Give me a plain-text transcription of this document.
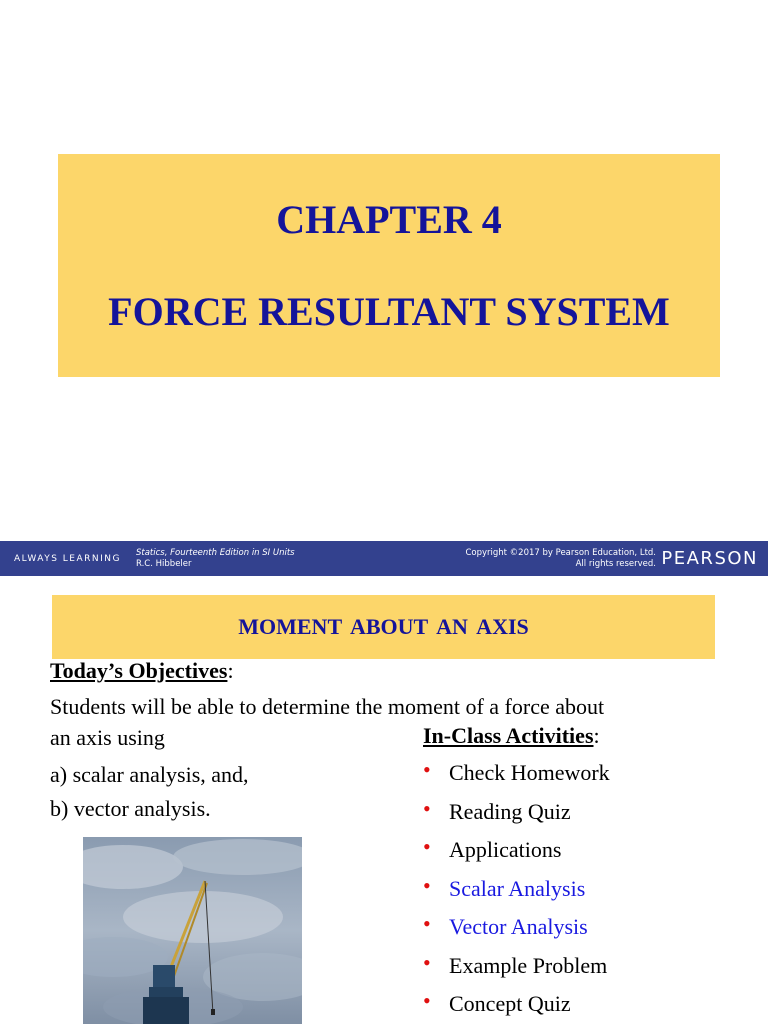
CHAPTER 4
FORCE RESULTANT SYSTEM
ALWAYS LEARNING
Statics, Fourteenth Edition in SI Units
R.C. Hibbeler
Copyright ©2017 by Pearson Education, Ltd.
All rights reserved. PEARSON
MOMENT ABOUT AN AXIS
Today’s Objectives:
Students will be able to determine the moment of a force about
an axis using
a) scalar analysis, and,
b) vector analysis.
In-Class Activities:
• Check Homework
• Reading Quiz
• Applications
• Scalar Analysis
• Vector Analysis
• Example Problem
• Concept Quiz
